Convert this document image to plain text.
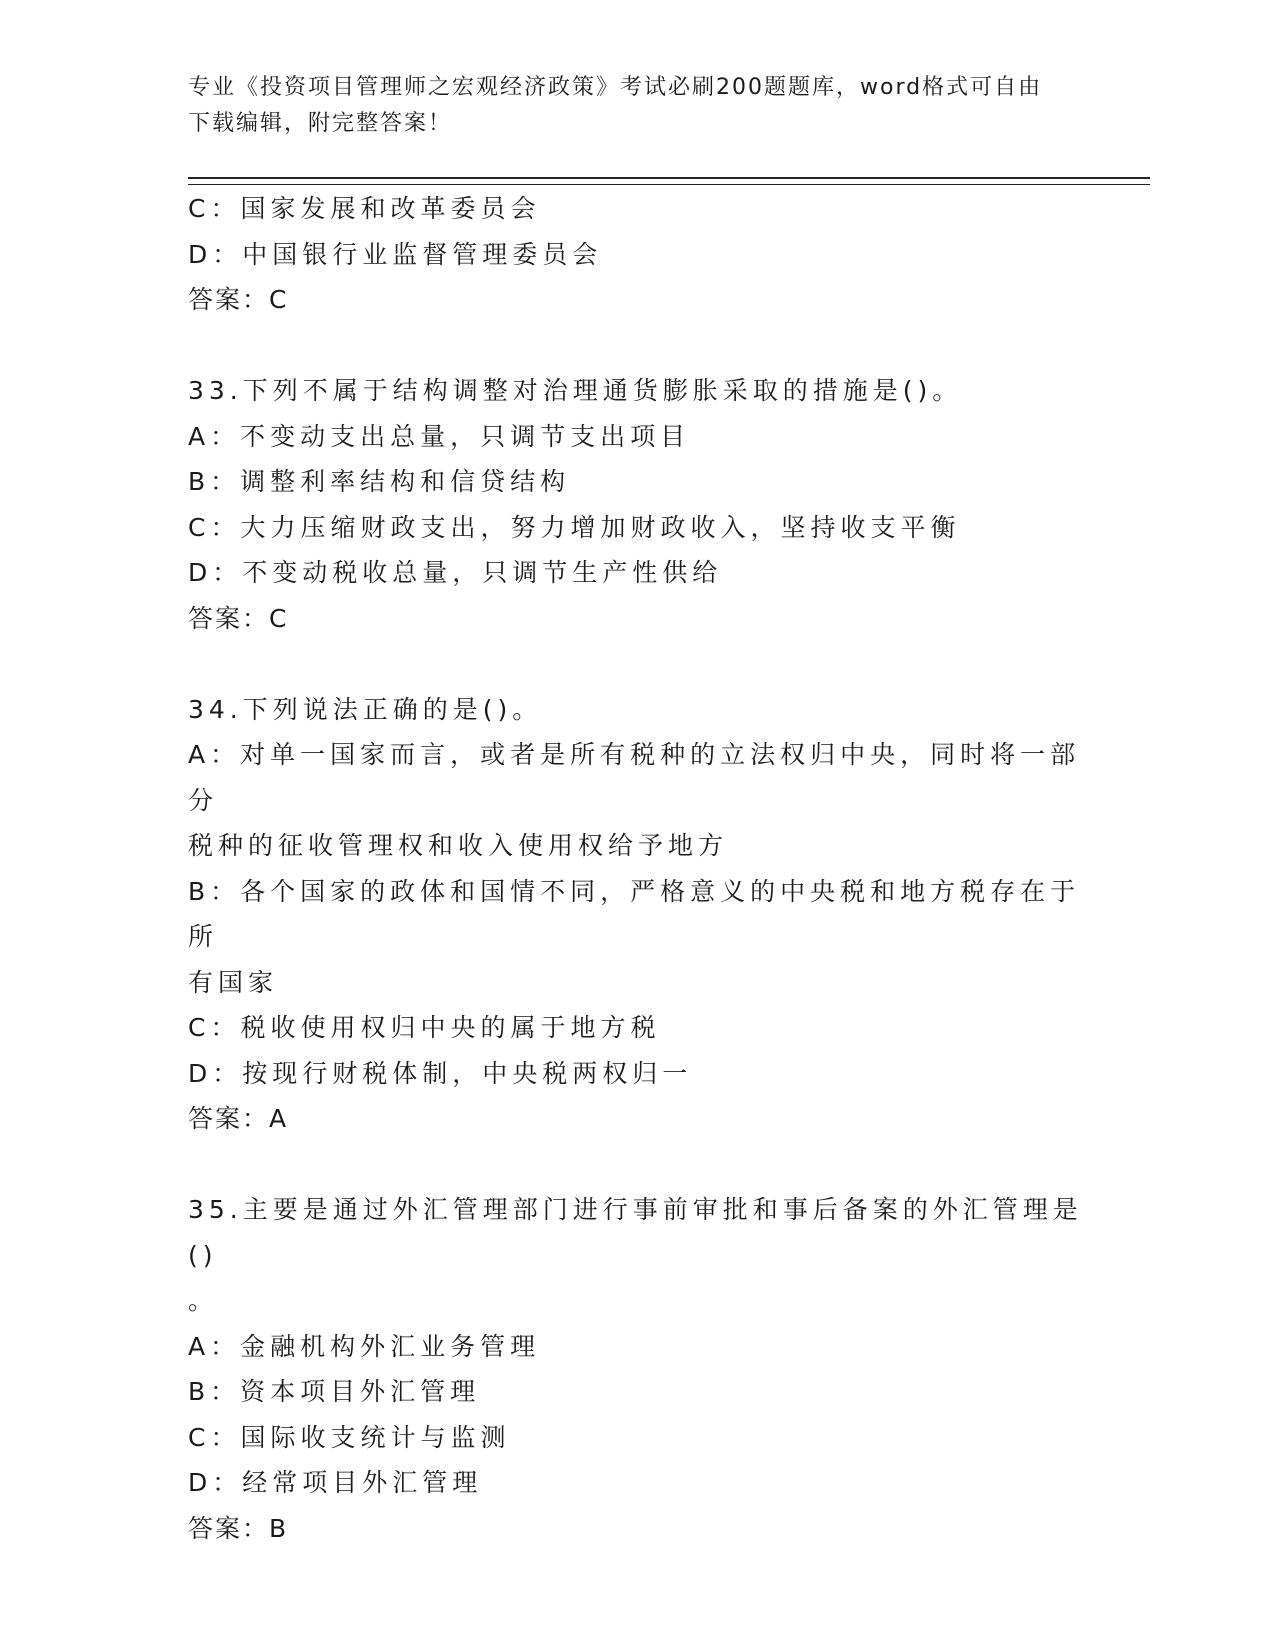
专业《投资项目管理师之宏观经济政策》考试必刷200题题库，word格式可自由
下载编辑，附完整答案！
C：国家发展和改革委员会
D：中国银行业监督管理委员会
答案：C
33.下列不属于结构调整对治理通货膨胀采取的措施是()。
A：不变动支出总量，只调节支出项目
B：调整利率结构和信贷结构
C：大力压缩财政支出，努力增加财政收入，坚持收支平衡
D：不变动税收总量，只调节生产性供给
答案：C
34.下列说法正确的是()。
A：对单一国家而言，或者是所有税种的立法权归中央，同时将一部分
税种的征收管理权和收入使用权给予地方
B：各个国家的政体和国情不同，严格意义的中央税和地方税存在于所
有国家
C：税收使用权归中央的属于地方税
D：按现行财税体制，中央税两权归一
答案：A
35.主要是通过外汇管理部门进行事前审批和事后备案的外汇管理是()
。
A：金融机构外汇业务管理
B：资本项目外汇管理
C：国际收支统计与监测
D：经常项目外汇管理
答案：B
